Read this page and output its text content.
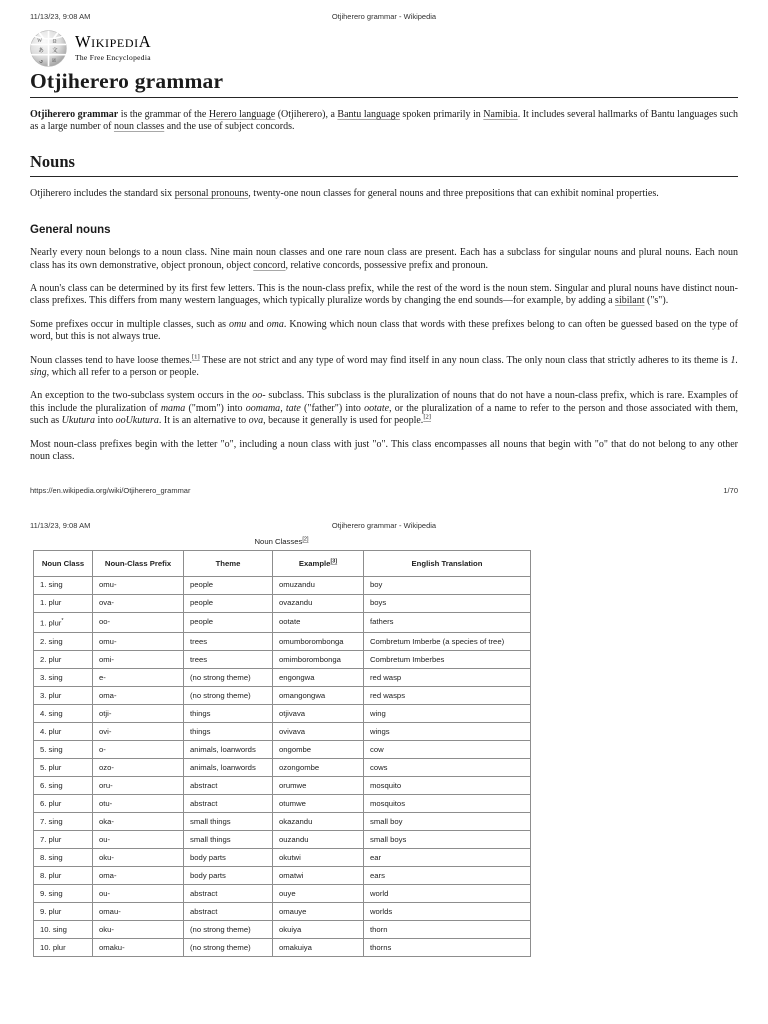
11/13/23, 9:08 AM	Otjiherero grammar - Wikipedia
W Ω
あ 文
ي И
WikipediA
The Free Encyclopedia
Otjiherero grammar

Otjiherero grammar is the grammar of the Herero language (Otjiherero), a Bantu language spoken primarily in Namibia. It includes several hallmarks of Bantu languages such as a large number of noun classes and the use of subject concords.

Nouns

Otjiherero includes the standard six personal pronouns, twenty-one noun classes for general nouns and three prepositions that can exhibit nominal properties.

General nouns

Nearly every noun belongs to a noun class. Nine main noun classes and one rare noun class are present. Each has a subclass for singular nouns and plural nouns. Each noun class has its own demonstrative, object pronoun, object concord, relative concords, possessive prefix and pronoun.

A noun's class can be determined by its first few letters. This is the noun-class prefix, while the rest of the word is the noun stem. Singular and plural nouns have distinct noun-class prefixes. This differs from many western languages, which typically pluralize words by changing the end sounds—for example, by adding a sibilant ("s").

Some prefixes occur in multiple classes, such as omu and oma. Knowing which noun class that words with these prefixes belong to can often be guessed based on the type of word, but this is not always true.

Noun classes tend to have loose themes.[1] These are not strict and any type of word may find itself in any noun class. The only noun class that strictly adheres to its theme is 1. sing, which all refer to a person or people.

An exception to the two-subclass system occurs in the oo- subclass. This subclass is the pluralization of nouns that do not have a noun-class prefix, which is rare. Examples of this include the pluralization of mama ("mom") into oomama, tate ("father") into ootate, or the pluralization of a name to refer to the person and those associated with them, such as Ukutura into ooUkutura. It is an alternative to ova, because it generally is used for people.[2]

Most noun-class prefixes begin with the letter "o", including a noun class with just "o". This class encompasses all nouns that begin with "o" that do not belong to any other noun class.

https://en.wikipedia.org/wiki/Otjiherero_grammar	1/70
11/13/23, 9:08 AM	Otjiherero grammar - Wikipedia
Noun Classes[2]
Noun Class	Noun-Class Prefix	Theme	Example[3]	English Translation
1. sing	omu-	people	omuzandu	boy
1. plur	ova-	people	ovazandu	boys
1. plur*	oo-	people	ootate	fathers
2. sing	omu-	trees	omumborombonga	Combretum Imberbe (a species of tree)
2. plur	omi-	trees	omimborombonga	Combretum Imberbes
3. sing	e-	(no strong theme)	engongwa	red wasp
3. plur	oma-	(no strong theme)	omangongwa	red wasps
4. sing	otji-	things	otjivava	wing
4. plur	ovi-	things	ovivava	wings
5. sing	o-	animals, loanwords	ongombe	cow
5. plur	ozo-	animals, loanwords	ozongombe	cows
6. sing	oru-	abstract	orumwe	mosquito
6. plur	otu-	abstract	otumwe	mosquitos
7. sing	oka-	small things	okazandu	small boy
7. plur	ou-	small things	ouzandu	small boys
8. sing	oku-	body parts	okutwi	ear
8. plur	oma-	body parts	omatwi	ears
9. sing	ou-	abstract	ouye	world
9. plur	omau-	abstract	omauye	worlds
10. sing	oku-	(no strong theme)	okuiya	thorn
10. plur	omaku-	(no strong theme)	omakuiya	thorns
